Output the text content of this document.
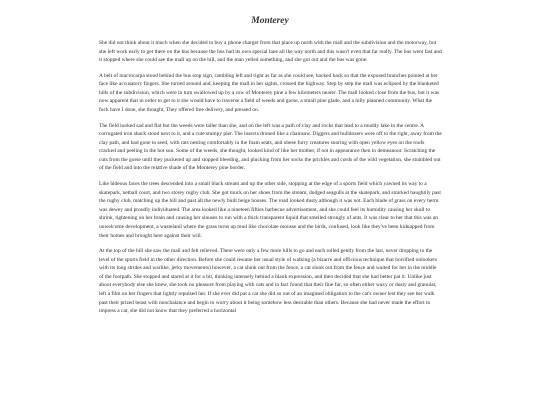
Monterey

She did not think about it much when she decided to buy a phone charger from that place up north with the mall and the subdivision and the motorway, but she left work early to get there on the bus because the bus had its own special lane all the way north and this wasn't even that far really. The bus went fast and it stopped where she could see the mall up on the hill, and the man yelled something, and she got out and the bus was gone.

A belt of macrocarpa stood behind the bus stop sign, rambling left and right as far as she could see, hacked back so that the exposed branches pointed at her face like accusatory fingers. She turned around and, keeping the mall in her sights, crossed the highway. Step by step the mall was eclipsed by the blanketed hills of the subdivision, which were in turn swallowed up by a row of Monterey pine a few kilometers nearer. The mall looked close from the bus, but it was now apparent that in order to get to it she would have to traverse a field of weeds and gorse, a small pine glade, and a hilly planned community. What the fuck have I done, she thought, They offered free delivery, and pressed on.

The field looked sad and flat but the weeds were taller than she, and on the left was a path of clay and rocks that lead to a muddy lake in the centre. A corrugated iron shack stood next to it, and a cute stumpy pier. The insects droned like a chainsaw. Diggers and bulldozers were off to the right, away from the clay path, and had gone to seed, with rats nesting comfortably in the foam seats, and obese furry creatures snoring with open yellow eyes on the roofs cracked and peeling in the hot sun. Some of the weeds, she thought, looked kind of like her mother, if not in appearance then in demeanour. Scratching the cuts from the gorse until they puckered up and stopped bleeding, and plucking from her socks the prickles and cords of the wild vegetation, she stumbled out of the field and into the relative shade of the Monterey pine border.

Like hideous faces the trees descended into a small black stream and up the other side, stopping at the edge of a sports field which yawned its way to a skatepark, netball court, and two storey rugby club. She got muck on her shoes from the stream, dodged seagulls at the skatepark, and smirked haughtily past the rugby club, matching up the hill and past all the newly built beige houses. The road looked dusty although it was not. Each blade of grass on every berm was dewey and proudly individuated. The area looked like a nineteen fifties barbecue advertisement, and she could feel its humidity causing her skull to shrink, tightening on her brain and causing her sinuses to run with a thick transparent liquid that smelled strongly of ants. It was clear to her that this was an unwelcome development, a wasteland where the grass turns up mud like chocolate mousse and the birds, confused, look like they've been kidnapped from their homes and brought here against their will.

At the top of the hill she saw the mall and felt relieved. There were only a few more hills to go and each rolled gently from the last, never dropping to the level of the sports field in the other direction. Before she could resume her usual style of walking (a bizarre and officious technique that horrified onlookers with its long strides and warlike, jerky movements) however, a cat slunk out from the fence, a cat slunk out from the fence and waited for her in the middle of the footpath. She stopped and stared at it for a bit, thinking intensely behind a blank expression, and then decided that she had better pat it. Unlike just about everybody else she knew, she took no pleasure from playing with cats and in fact found that their fine fur, so often either waxy or dusty and granular, left a film on her fingers that lightly repulsed her. If she ever did pat a cat she did so out of an imagined obligation to the cat's owner lest they see her walk past their prized beast with nonchalance and begin to worry about it being somehow less desirable than others. Because she had never made the effort to impress a cat, she did not know that they preferred a horizontal
